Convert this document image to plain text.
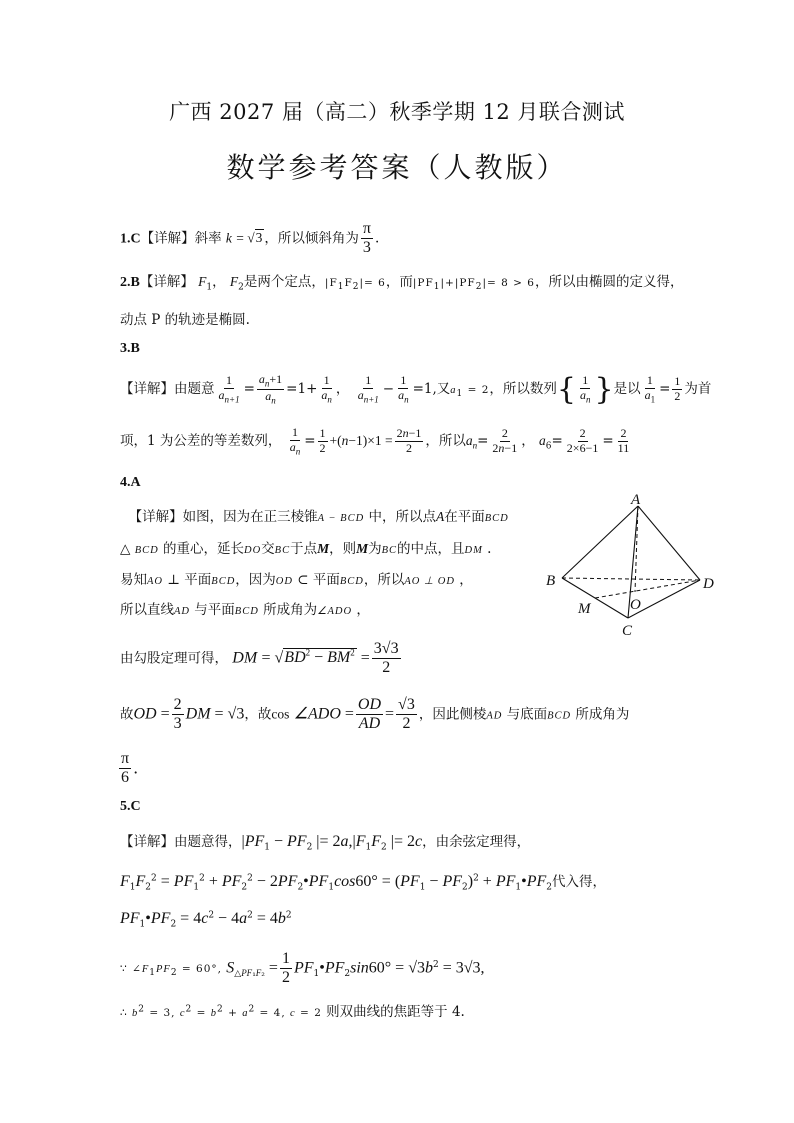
广西 2027 届（高二）秋季学期 12 月联合测试
数学参考答案（人教版）
1.C【详解】斜率 k = √3 ，所以倾斜角为 $\frac{\pi}{3}$ .
2.B【详解】 $F_1$， $F_2$是两个定点，$|F_1F_2|= 6$，而$|PF_1|+|PF_2|= 8 > 6$，所以由椭圆的定义得，
动点 P 的轨迹是椭圆.
3.B
【详解】由题意 $\frac{1}{a_{n+1}} = \frac{a_n+1}{a_n} =1+ \frac{1}{a_n}$ ， $\frac{1}{a_{n+1}} - \frac{1}{a_n} =1$,又$a_1 = 2$，所以数列{ $\frac{1}{a_n}$ }是以 $\frac{1}{a_1} = \frac{1}{2}$ 为首
项，1 为公差的等差数列， $\frac{1}{a_n} = \frac{1}{2} +(n-1)\times 1 = \frac{2n-1}{2}$ ，所以$a_n= \frac{2}{2n-1}$ ， $a_6= \frac{2}{2\times 6-1} = \frac{2}{11}$
4.A
【详解】如图，因为在正三棱锥A − BCD 中，所以点A在平面BCD
△ BCD 的重心，延长DO交BC于点M，则M为BC的中点，且DM .
易知AO ⊥ 平面BCD，因为OD ⊂ 平面BCD，所以AO ⊥ OD ，
所以直线AD 与平面BCD 所成角为∠ADO ，
A
B	D
C
M	O
由勾股定理可得， DM = $√BD^2 - BM^2 = \frac{3√3}{2}$
故OD = $\frac{2}{3}$ DM = √3，故cos ∠ADO = $\frac{OD}{AD} = \frac{√3}{2}$ ，因此侧棱AD 与底面BCD 所成角为
$\frac{\pi}{6}$ .
5.C
【详解】由题意得，$|PF_1 - PF_2$ |= $2a,|F_1F_2$ |= 2c，由余弦定理得，
$F_1F_2^2 = PF_1^2 + PF_2^2$ − $2PF_2•PF_1\cos 60^\circ = (PF_1 - PF_2)^2$ + $PF_1•PF_2$代入得，
$PF_1•PF_2 = 4c^2 - 4a^2 = 4b^2$
∵ $\angle F_1PF_2 = 60^\circ$, $S_{\triangle PF_1F_2} = \frac{1}{2}$ $PF_1•PF_2\sin 60^\circ = √3b^2 = 3√3$,
∴ $b^2 = 3$, $c^2 = b^2 + a^2 = 4$, c = 2 则双曲线的焦距等于 4.
